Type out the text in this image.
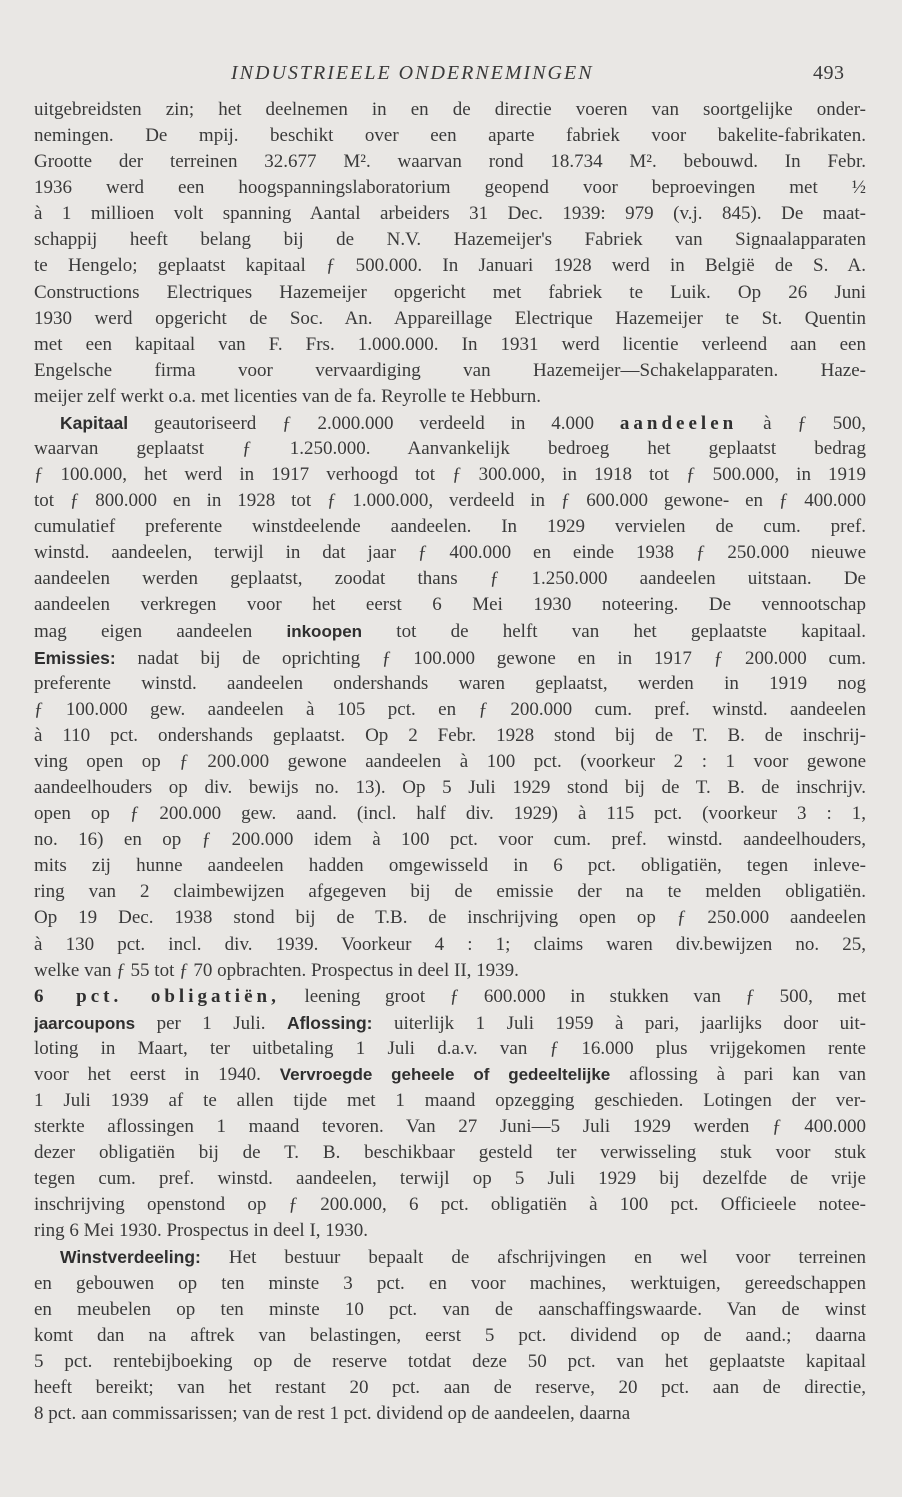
INDUSTRIEELE ONDERNEMINGEN	493
uitgebreidsten zin; het deelnemen in en de directie voeren van soortgelijke onder-
nemingen. De mpij. beschikt over een aparte fabriek voor bakelite-fabrikaten.
Grootte der terreinen 32.677 M². waarvan rond 18.734 M². bebouwd. In Febr.
1936 werd een hoogspanningslaboratorium geopend voor beproevingen met ½
à 1 millioen volt spanning Aantal arbeiders 31 Dec. 1939: 979 (v.j. 845). De maat-
schappij heeft belang bij de N.V. Hazemeijer's Fabriek van Signaalapparaten
te Hengelo; geplaatst kapitaal ƒ 500.000. In Januari 1928 werd in België de S. A.
Constructions Electriques Hazemeijer opgericht met fabriek te Luik. Op 26 Juni
1930 werd opgericht de Soc. An. Appareillage Electrique Hazemeijer te St. Quentin
met een kapitaal van F. Frs. 1.000.000. In 1931 werd licentie verleend aan een
Engelsche firma voor vervaardiging van Hazemeijer—Schakelapparaten. Haze-
meijer zelf werkt o.a. met licenties van de fa. Reyrolle te Hebburn.
Kapitaal geautoriseerd ƒ 2.000.000 verdeeld in 4.000 aandeelen à ƒ 500,
waarvan geplaatst ƒ 1.250.000. Aanvankelijk bedroeg het geplaatst bedrag
ƒ 100.000, het werd in 1917 verhoogd tot ƒ 300.000, in 1918 tot ƒ 500.000, in 1919
tot ƒ 800.000 en in 1928 tot ƒ 1.000.000, verdeeld in ƒ 600.000 gewone- en ƒ 400.000
cumulatief preferente winstdeelende aandeelen. In 1929 vervielen de cum. pref.
winstd. aandeelen, terwijl in dat jaar ƒ 400.000 en einde 1938 ƒ 250.000 nieuwe
aandeelen werden geplaatst, zoodat thans ƒ 1.250.000 aandeelen uitstaan. De
aandeelen verkregen voor het eerst 6 Mei 1930 noteering. De vennootschap
mag eigen aandeelen inkoopen tot de helft van het geplaatste kapitaal.
Emissies: nadat bij de oprichting ƒ 100.000 gewone en in 1917 ƒ 200.000 cum.
preferente winstd. aandeelen ondershands waren geplaatst, werden in 1919 nog
ƒ 100.000 gew. aandeelen à 105 pct. en ƒ 200.000 cum. pref. winstd. aandeelen
à 110 pct. ondershands geplaatst. Op 2 Febr. 1928 stond bij de T. B. de inschrij-
ving open op ƒ 200.000 gewone aandeelen à 100 pct. (voorkeur 2 : 1 voor gewone
aandeelhouders op div. bewijs no. 13). Op 5 Juli 1929 stond bij de T. B. de inschrijv.
open op ƒ 200.000 gew. aand. (incl. half div. 1929) à 115 pct. (voorkeur 3 : 1,
no. 16) en op ƒ 200.000 idem à 100 pct. voor cum. pref. winstd. aandeelhouders,
mits zij hunne aandeelen hadden omgewisseld in 6 pct. obligatiën, tegen inleve-
ring van 2 claimbewijzen afgegeven bij de emissie der na te melden obligatiën.
Op 19 Dec. 1938 stond bij de T.B. de inschrijving open op ƒ 250.000 aandeelen
à 130 pct. incl. div. 1939. Voorkeur 4 : 1; claims waren div.bewijzen no. 25,
welke van ƒ 55 tot ƒ 70 opbrachten. Prospectus in deel II, 1939.
6 pct. obligatiën, leening groot ƒ 600.000 in stukken van ƒ 500, met
jaarcoupons per 1 Juli. Aflossing: uiterlijk 1 Juli 1959 à pari, jaarlijks door uit-
loting in Maart, ter uitbetaling 1 Juli d.a.v. van ƒ 16.000 plus vrijgekomen rente
voor het eerst in 1940. Vervroegde geheele of gedeeltelijke aflossing à pari kan van
1 Juli 1939 af te allen tijde met 1 maand opzegging geschieden. Lotingen der ver-
sterkte aflossingen 1 maand tevoren. Van 27 Juni—5 Juli 1929 werden ƒ 400.000
dezer obligatiën bij de T. B. beschikbaar gesteld ter verwisseling stuk voor stuk
tegen cum. pref. winstd. aandeelen, terwijl op 5 Juli 1929 bij dezelfde de vrije
inschrijving openstond op ƒ 200.000, 6 pct. obligatiën à 100 pct. Officieele notee-
ring 6 Mei 1930. Prospectus in deel I, 1930.
Winstverdeeling: Het bestuur bepaalt de afschrijvingen en wel voor terreinen
en gebouwen op ten minste 3 pct. en voor machines, werktuigen, gereedschappen
en meubelen op ten minste 10 pct. van de aanschaffingswaarde. Van de winst
komt dan na aftrek van belastingen, eerst 5 pct. dividend op de aand.; daarna
5 pct. rentebijboeking op de reserve totdat deze 50 pct. van het geplaatste kapitaal
heeft bereikt; van het restant 20 pct. aan de reserve, 20 pct. aan de directie,
8 pct. aan commissarissen; van de rest 1 pct. dividend op de aandeelen, daarna
